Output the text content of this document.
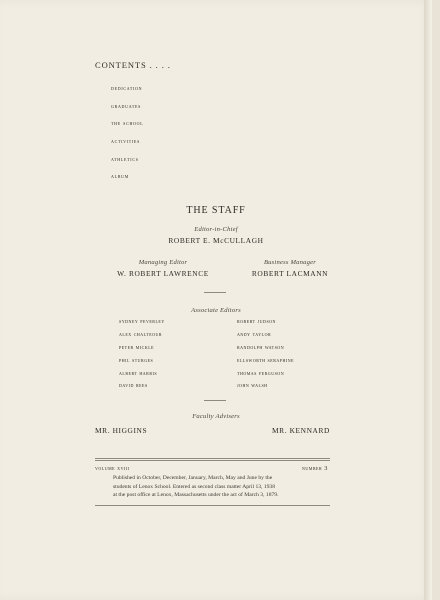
CONTENTS . . . .
dedication
graduates
the school
activities
athletics
album
THE STAFF
Editor-in-Chief
ROBERT E. McCULLAGH
Managing Editor
W. ROBERT LAWRENCE
Business Manager
ROBERT LACMANN
Associate Editors
sydney peverley
alex chalteour
peter mickle
phil sturges
albert harris
david rees
robert judson
andy taylor
randolph watson
ellsworth seraphine
thomas ferguson
john walsh
Faculty Advisers
MR. HIGGINS	MR. KENNARD
volume xviii	number 3
Published in October, December, January, March, May and June by the
students of Lenox School. Entered as second class matter April 13, 1938
at the post office at Lenox, Massachusetts under the act of March 3, 1879.
